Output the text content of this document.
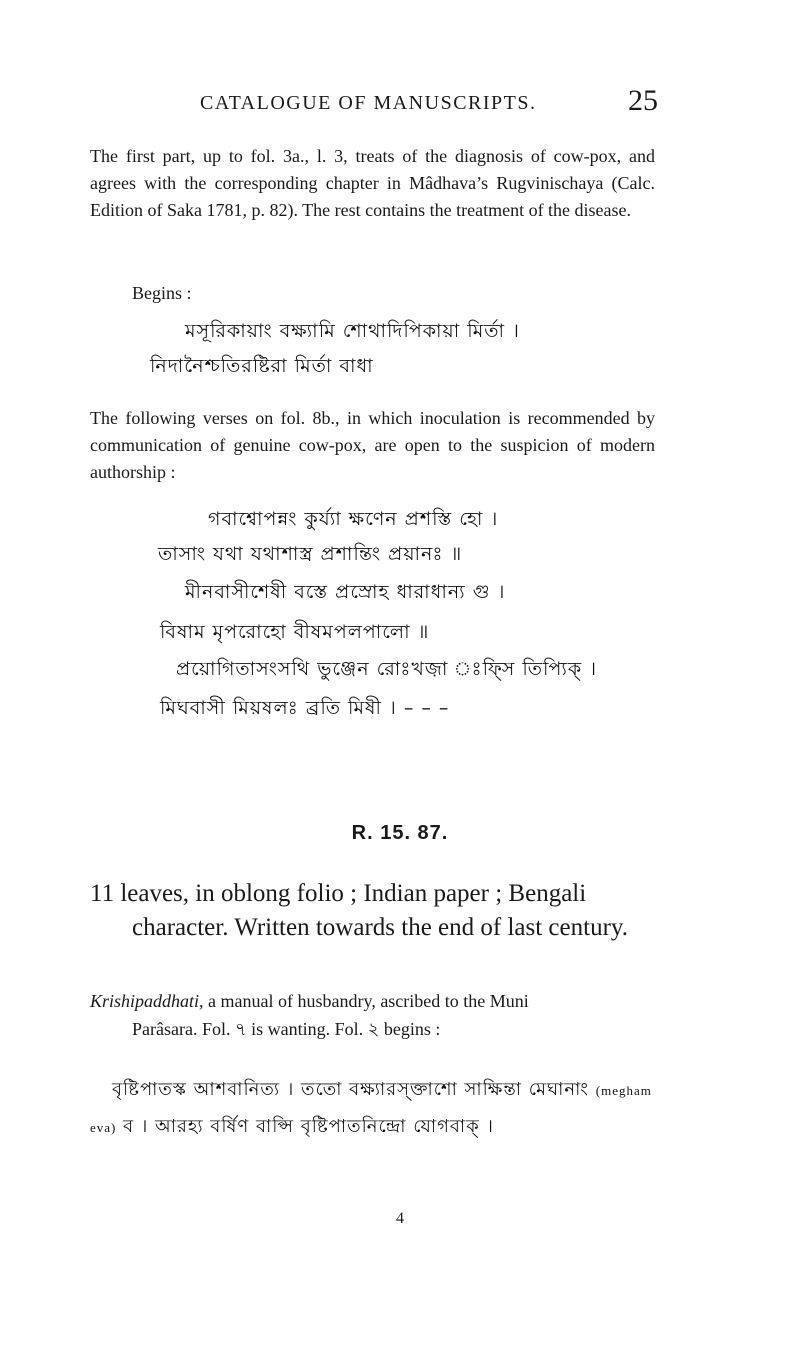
CATALOGUE OF MANUSCRIPTS.	25
The first part, up to fol. 3a., l. 3, treats of the diagnosis of cow-pox, and agrees with the corresponding chapter in Mâdhava’s Rugvinischaya (Calc. Edition of Saka 1781, p. 82). The rest contains the treatment of the disease.
Begins :
মসূরিকায়াং বক্ষ্যামি শোথাদিপিকায়া মির্তা ।
নিদানৈশ্চতিরষ্টিরা মির্তা বাধা
The following verses on fol. 8b., in which inoculation is recommended by communication of genuine cow-pox, are open to the suspicion of modern authorship :
গবাশ্বোপন্নং কুর্য্যা ক্ষণেন প্রশস্তি হো ।
তাসাং যথা যথাশাস্ত্র প্রশান্তিং প্রয়ানঃ ॥
মীনবাসীশেষী বস্তে প্রস্রোহ ধারাধান্য গু ।
বিষাম মৃপরোহো বীষমপলপালো ॥
প্রয়োগিতাসংসথি ভুঞ্জেন রোঃখজ়া ঃফ্সি তিপ্যিক্ ।
মিঘবাসী মিয়ষলঃ ব্রতি মিষী । – – –
R. 15. 87.
11 leaves, in oblong folio ; Indian paper ; Bengali
character. Written towards the end of last century.
Krishipaddhati, a manual of husbandry, ascribed to the Muni
Parâsara. Fol. ৭ is wanting. Fol. ২ begins :
বৃষ্টিপাতস্ক আশবানিত্য । ততো বক্ষ্যারস্ক্তাশো সাক্ষিন্তা মেঘানাং (megham
eva) ব । আরহ্য বৰ্ষিণ বাপ্সি বৃষ্টিপাতনিন্দ্রো যোগবাক্ ।
4
